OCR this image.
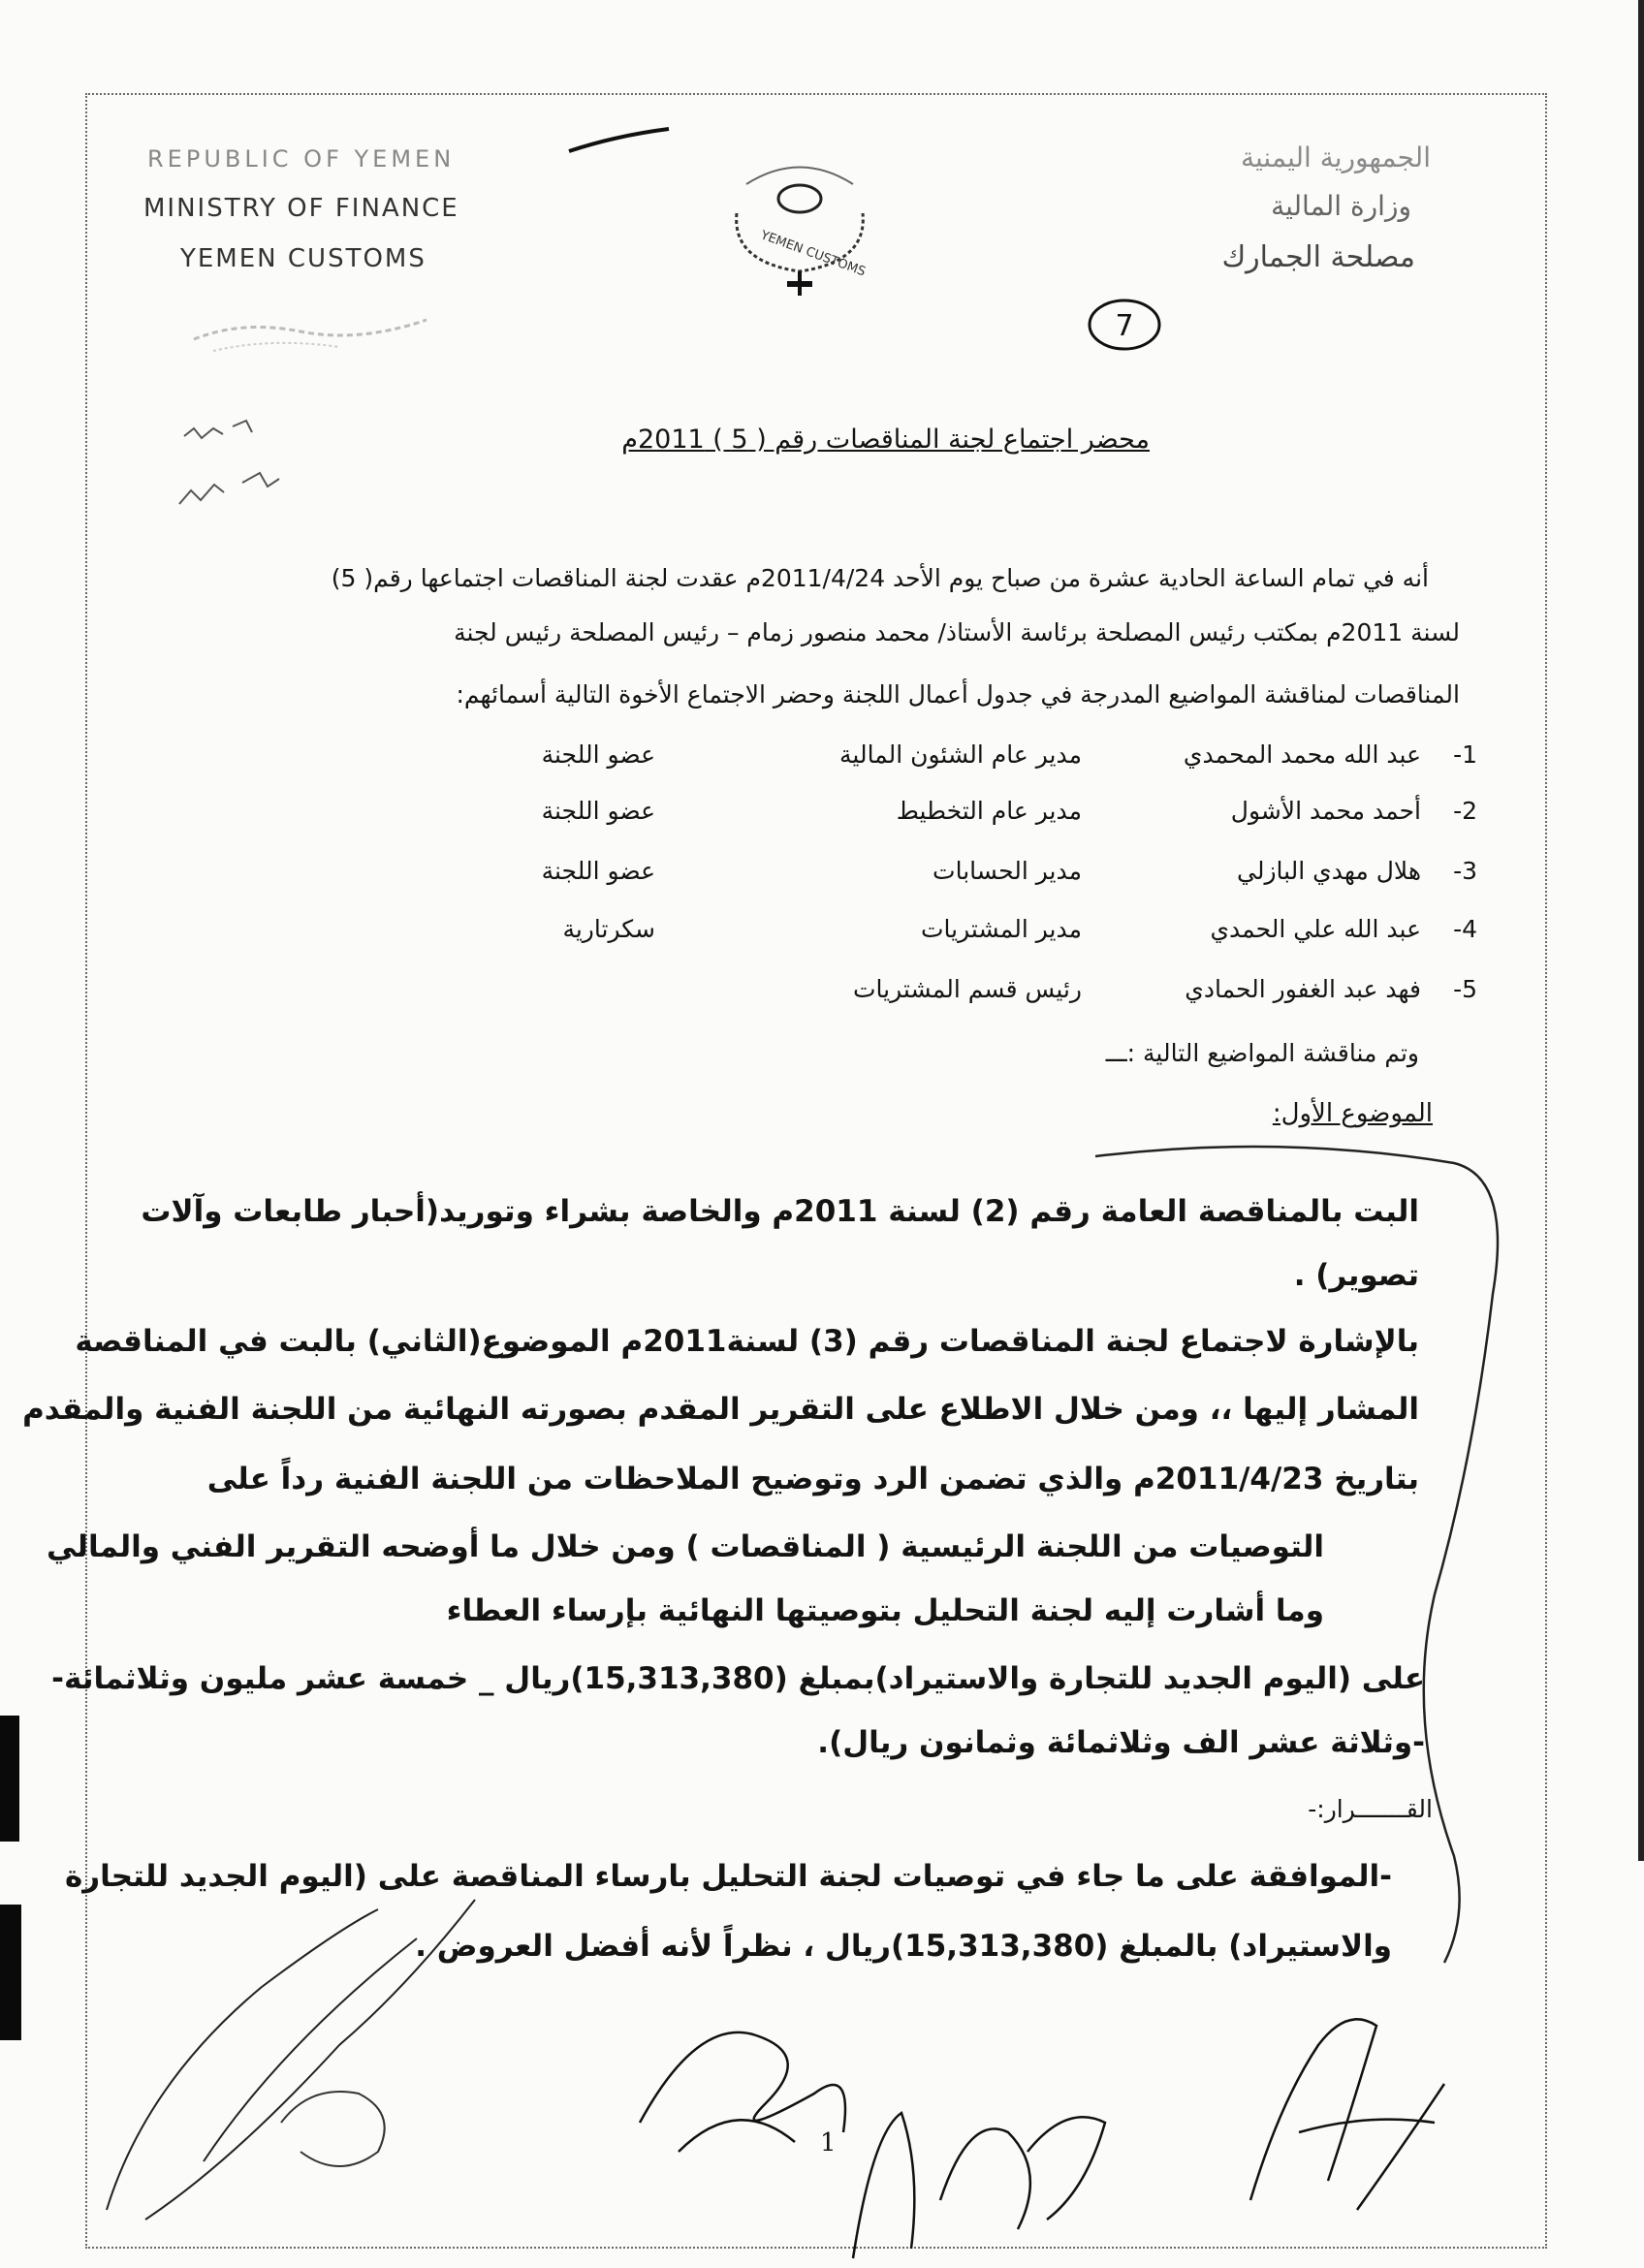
REPUBLIC OF YEMEN
MINISTRY OF FINANCE
YEMEN CUSTOMS
الجمهورية اليمنية
وزارة المالية
مصلحة الجمارك
YEMEN CUSTOMS
7
محضر اجتماع لجنة المناقصات رقم ( 5 ) 2011م
أنه في تمام الساعة الحادية عشرة من صباح يوم الأحد 2011/4/24م عقدت لجنة المناقصات اجتماعها رقم( 5)
لسنة 2011م بمكتب رئيس المصلحة برئاسة الأستاذ/ محمد منصور زمام – رئيس المصلحة رئيس لجنة
المناقصات لمناقشة المواضيع المدرجة في جدول أعمال اللجنة وحضر الاجتماع الأخوة التالية أسمائهم:
1-
عبد الله محمد المحمدي
مدير عام الشئون المالية
عضو اللجنة
2-
أحمد محمد الأشول
مدير عام التخطيط
عضو اللجنة
3-
هلال مهدي البازلي
مدير الحسابات
عضو اللجنة
4-
عبد الله علي الحمدي
مدير المشتريات
سكرتارية
5-
فهد عبد الغفور الحمادي
رئيس قسم المشتريات
وتم مناقشة المواضيع التالية :ـــ
الموضوع الأول:
البت بالمناقصة العامة رقم (2) لسنة 2011م والخاصة بشراء وتوريد(أحبار طابعات وآلات
تصوير) .
بالإشارة لاجتماع لجنة المناقصات رقم (3) لسنة2011م الموضوع(الثاني) بالبت في المناقصة
المشار إليها ،، ومن خلال الاطلاع على التقرير المقدم بصورته النهائية من اللجنة الفنية والمقدم
بتاريخ 2011/4/23م والذي تضمن الرد وتوضيح الملاحظات من اللجنة الفنية رداً على
التوصيات من اللجنة الرئيسية ( المناقصات ) ومن خلال ما أوضحه التقرير الفني والمالي
وما أشارت إليه لجنة التحليل بتوصيتها النهائية بإرساء العطاء
على (اليوم الجديد للتجارة والاستيراد)بمبلغ (15,313,380)ريال _ خمسة عشر مليون وثلاثمائة-
-وثلاثة عشر الف وثلاثمائة وثمانون ريال).
القـــــــرار:-
-الموافقة على ما جاء في توصيات لجنة التحليل بارساء المناقصة على (اليوم الجديد للتجارة
والاستيراد) بالمبلغ (15,313,380)ريال ، نظراً لأنه أفضل العروض .
1
